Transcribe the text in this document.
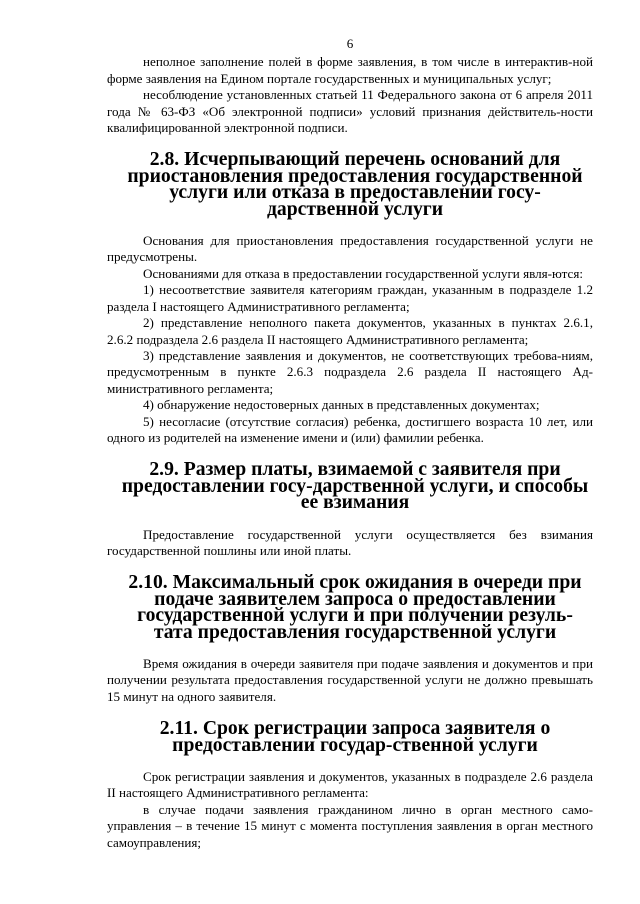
6

неполное заполнение полей в форме заявления, в том числе в интерактив-ной форме заявления на Едином портале государственных и муниципальных услуг;

несоблюдение установленных статьей 11 Федерального закона от 6 апреля 2011 года № 63-ФЗ «Об электронной подписи» условий признания действитель-ности квалифицированной электронной подписи.

2.8. Исчерпывающий перечень оснований для приостановления предоставления государственной услуги или отказа в предоставлении госу-дарственной услуги

Основания для приостановления предоставления государственной услуги не предусмотрены.

Основаниями для отказа в предоставлении государственной услуги явля-ются:

1) несоответствие заявителя категориям граждан, указанным в подразделе 1.2 раздела I настоящего Административного регламента;

2) представление неполного пакета документов, указанных в пунктах 2.6.1, 2.6.2 подраздела 2.6 раздела II настоящего Административного регламента;

3) представление заявления и документов, не соответствующих требова-ниям, предусмотренным в пункте 2.6.3 подраздела 2.6 раздела II настоящего Ад-министративного регламента;

4) обнаружение недостоверных данных в представленных документах;

5) несогласие (отсутствие согласия) ребенка, достигшего возраста 10 лет, или одного из родителей на изменение имени и (или) фамилии ребенка.

2.9. Размер платы, взимаемой с заявителя при предоставлении госу-дарственной услуги, и способы ее взимания

Предоставление государственной услуги осуществляется без взимания государственной пошлины или иной платы.

2.10. Максимальный срок ожидания в очереди при подаче заявителем запроса о предоставлении государственной услуги и при получении резуль-тата предоставления государственной услуги

Время ожидания в очереди заявителя при подаче заявления и документов и при получении результата предоставления государственной услуги не должно превышать 15 минут на одного заявителя.

2.11. Срок регистрации запроса заявителя о предоставлении государ-ственной услуги

Срок регистрации заявления и документов, указанных в подразделе 2.6 раздела II настоящего Административного регламента:

в случае подачи заявления гражданином лично в орган местного само-управления – в течение 15 минут с момента поступления заявления в орган местного самоуправления;
